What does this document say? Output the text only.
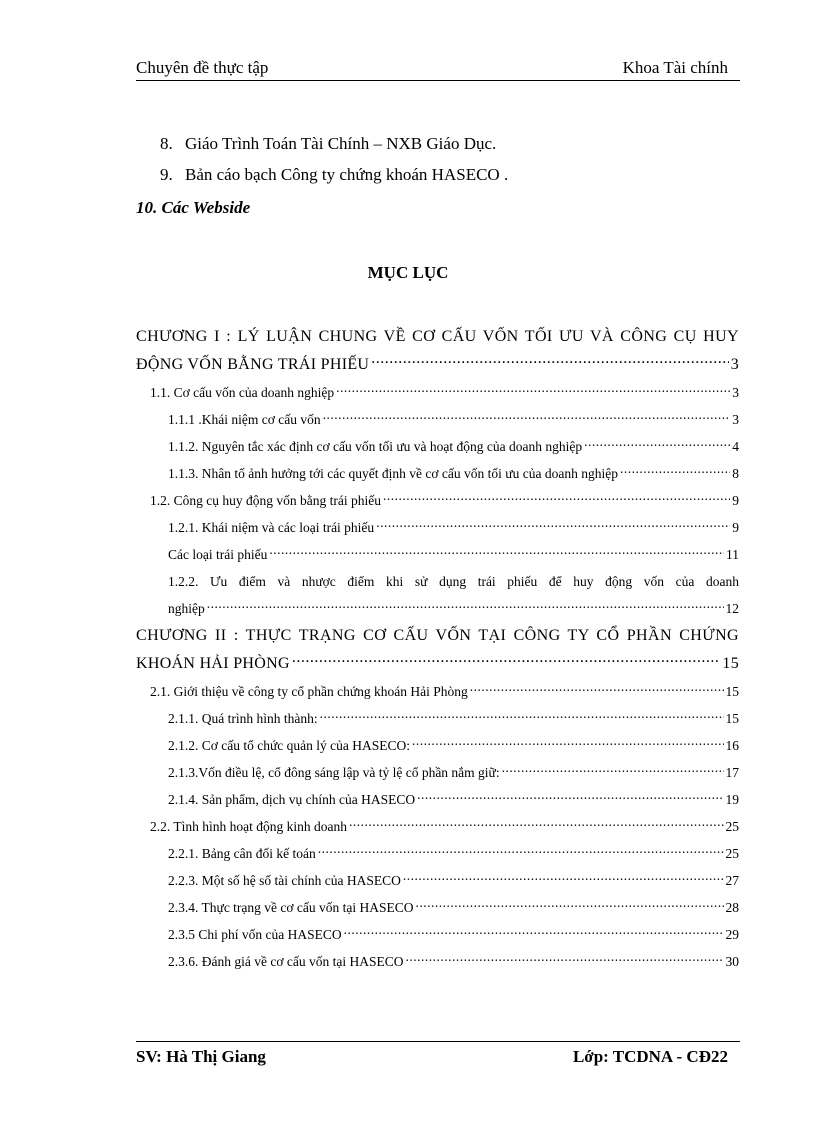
Chuyên đề thực tập	Khoa Tài chính
8. Giáo Trình Toán Tài Chính – NXB Giáo Dục.
9. Bản cáo bạch Công ty chứng khoán HASECO .
10. Các Webside
MỤC LỤC
CHƯƠNG I : LÝ LUẬN CHUNG VỀ CƠ CẤU VỐN TỐI ƯU VÀ CÔNG CỤ HUY
ĐỘNG VỐN BẰNG TRÁI PHIẾU .....	3
1.1. Cơ cấu vốn của doanh nghiệp .....	3
1.1.1 .Khái niệm cơ cấu vốn .....	3
1.1.2. Nguyên tắc xác định cơ cấu vốn tối ưu và hoạt động của doanh nghiệp .....	4
1.1.3. Nhân tố ảnh hưởng tới các quyết định về cơ cấu vốn tối ưu của doanh nghiệp .....	8
1.2. Công cụ huy động vốn bằng trái phiếu .....	9
1.2.1. Khái niệm và các loại trái phiếu .....	9
Các loại trái phiếu .....	11
1.2.2. Ưu điểm và nhược điểm khi sử dụng trái phiếu để huy động vốn của doanh
nghiệp .....	12
CHƯƠNG II : THỰC TRẠNG CƠ CẤU VỐN TẠI CÔNG TY CỔ PHẦN CHỨNG
KHOÁN HẢI PHÒNG .....	15
2.1. Giới thiệu về công ty cổ phần chứng khoán Hải Phòng .....	15
2.1.1. Quá trình hình thành: .....	15
2.1.2. Cơ cấu tổ chức quản lý của HASECO: .....	16
2.1.3.Vốn điều lệ, cổ đông sáng lập và tỷ lệ cổ phần nắm giữ: .....	17
2.1.4. Sản phẩm, dịch vụ chính của HASECO .....	19
2.2. Tình hình hoạt động kinh doanh .....	25
2.2.1. Bảng cân đối kế toán .....	25
2.2.3. Một số hệ số tài chính của HASECO .....	27
2.3.4. Thực trạng về cơ cấu vốn tại HASECO .....	28
2.3.5 Chi phí vốn của HASECO .....	29
2.3.6. Đánh giá về cơ cấu vốn tại HASECO .....	30
SV: Hà Thị Giang	Lớp: TCDNA - CĐ22
